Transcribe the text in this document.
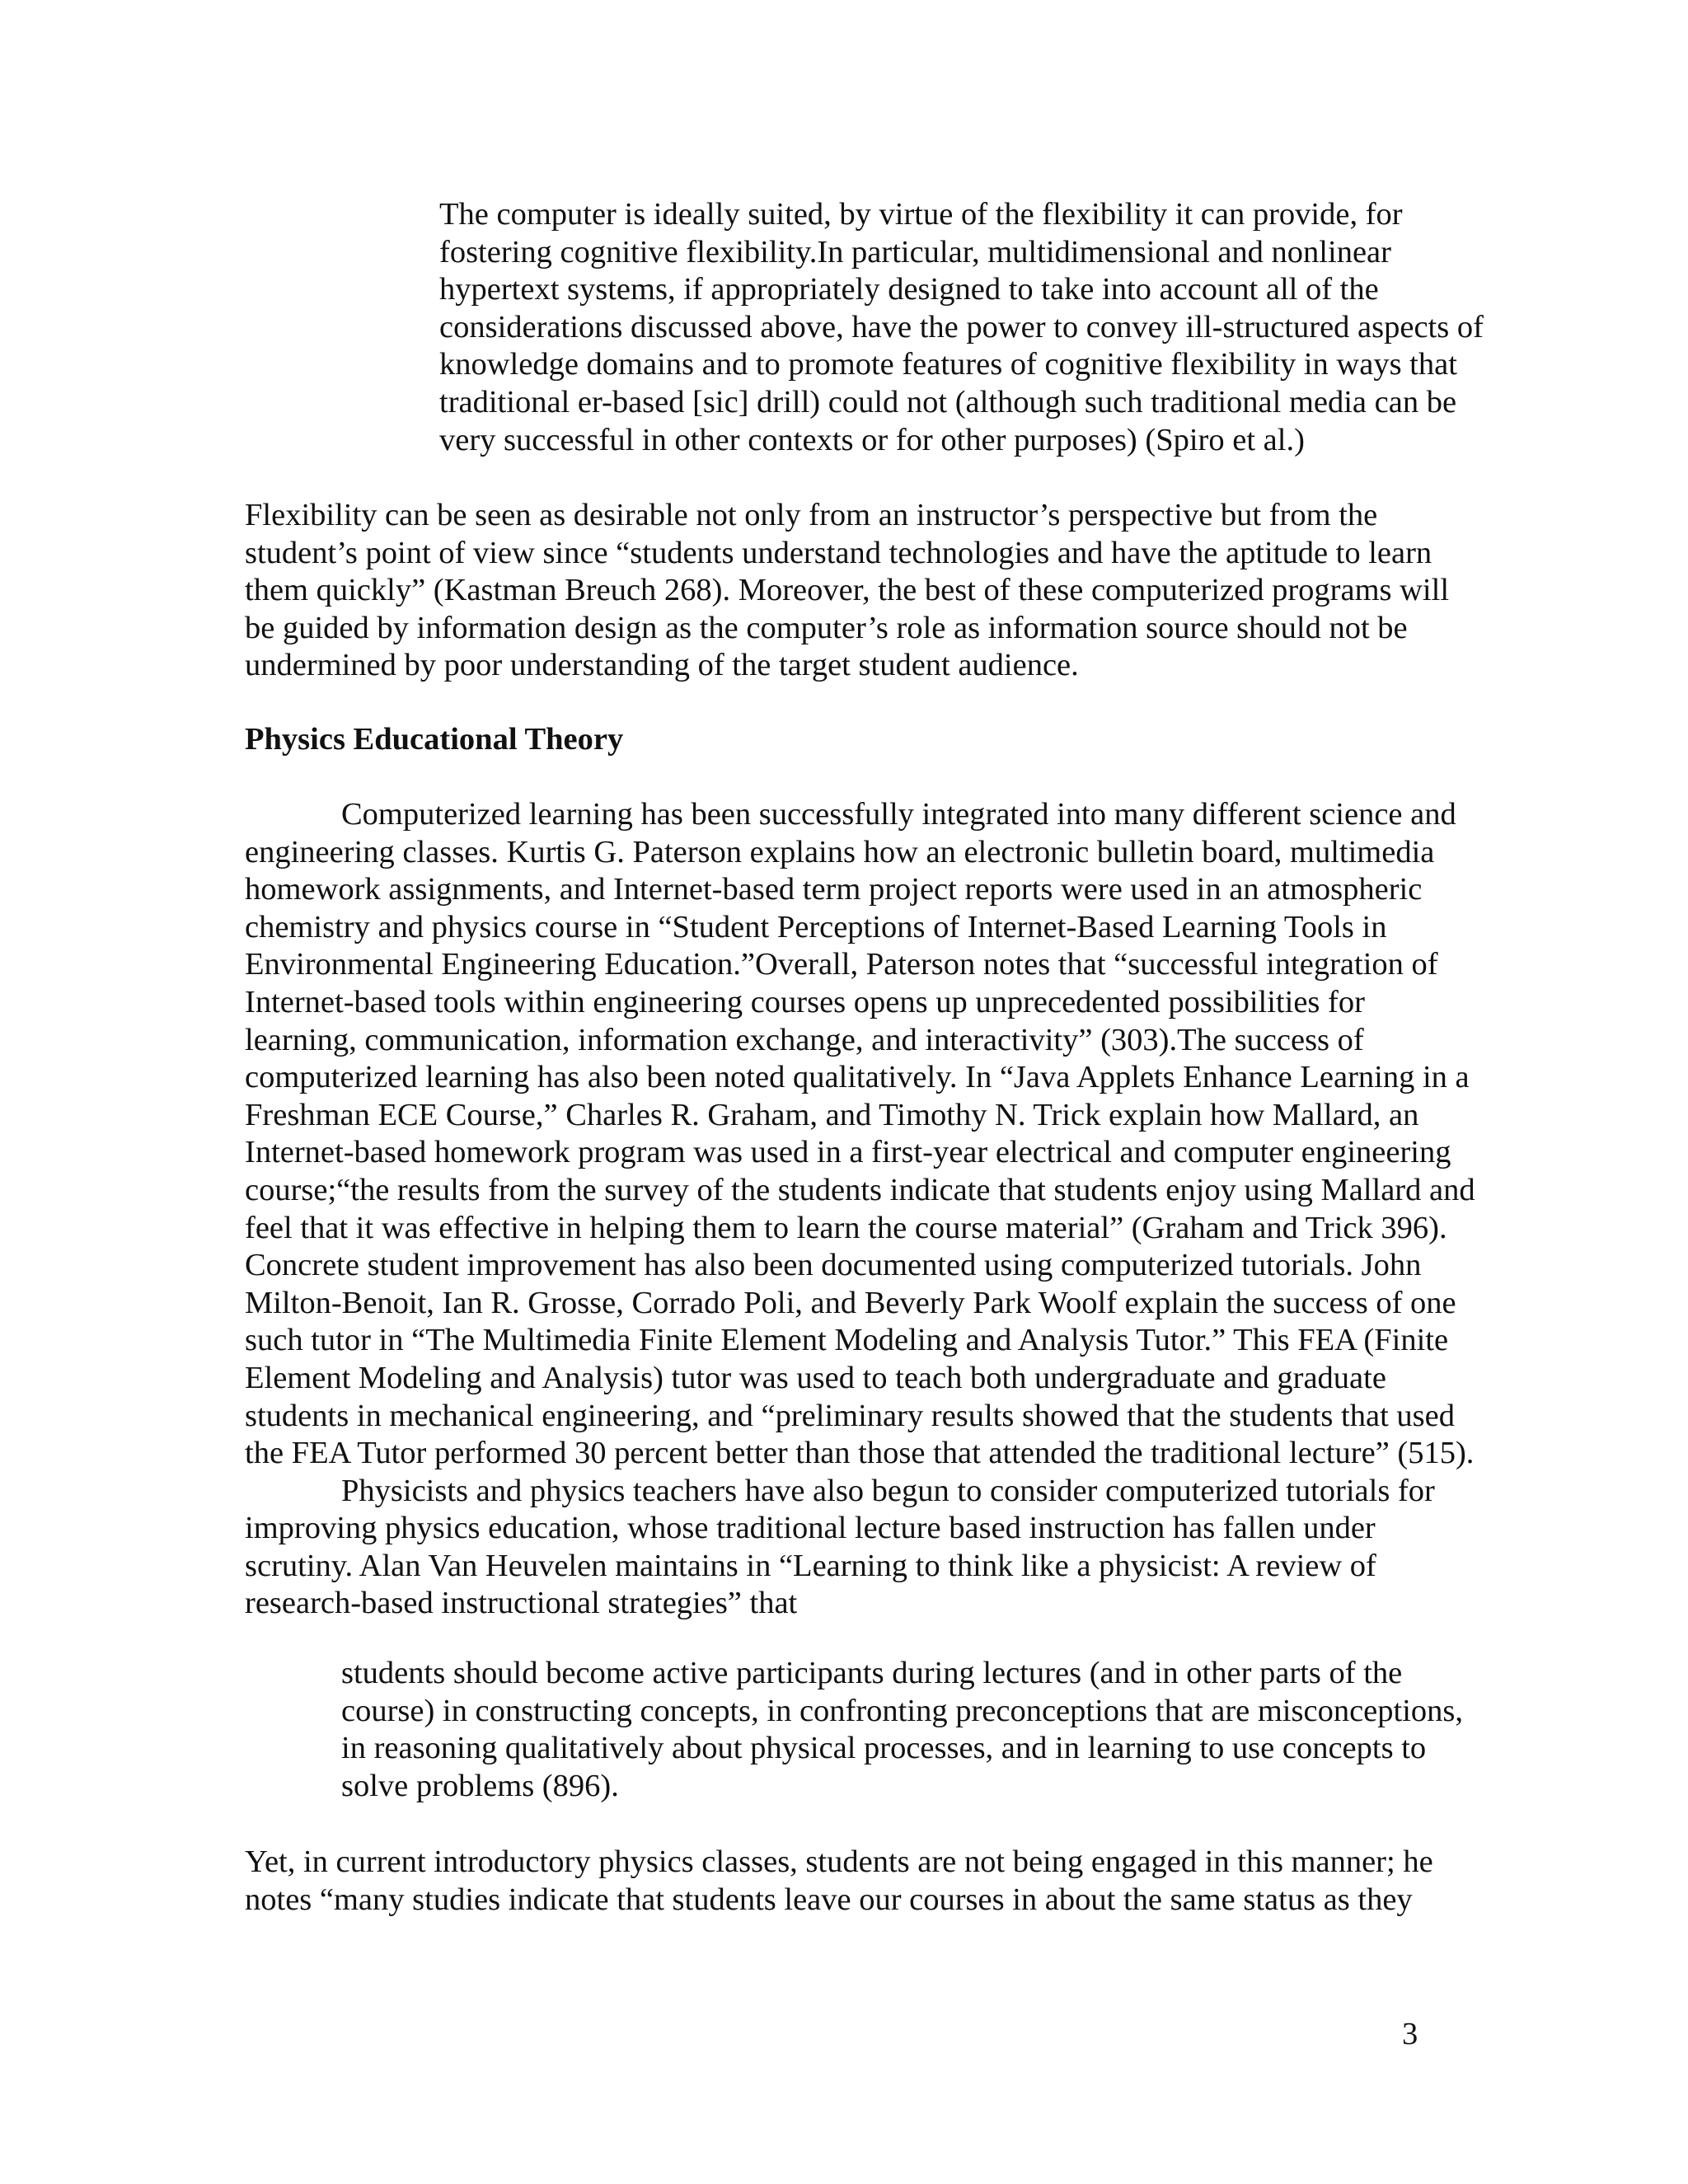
The computer is ideally suited, by virtue of the flexibility it can provide, for
fostering cognitive flexibility.In particular, multidimensional and nonlinear
hypertext systems, if appropriately designed to take into account all of the
considerations discussed above, have the power to convey ill-structured aspects of
knowledge domains and to promote features of cognitive flexibility in ways that
traditional er-based [sic] drill) could not (although such traditional media can be
very successful in other contexts or for other purposes) (Spiro et al.)
Flexibility can be seen as desirable not only from an instructor’s perspective but from the
student’s point of view since “students understand technologies and have the aptitude to learn
them quickly” (Kastman Breuch 268). Moreover, the best of these computerized programs will
be guided by information design as the computer’s role as information source should not be
undermined by poor understanding of the target student audience.
Physics Educational Theory
Computerized learning has been successfully integrated into many different science and
engineering classes. Kurtis G. Paterson explains how an electronic bulletin board, multimedia
homework assignments, and Internet-based term project reports were used in an atmospheric
chemistry and physics course in “Student Perceptions of Internet-Based Learning Tools in
Environmental Engineering Education.”Overall, Paterson notes that “successful integration of
Internet-based tools within engineering courses opens up unprecedented possibilities for
learning, communication, information exchange, and interactivity” (303).The success of
computerized learning has also been noted qualitatively. In “Java Applets Enhance Learning in a
Freshman ECE Course,” Charles R. Graham, and Timothy N. Trick explain how Mallard, an
Internet-based homework program was used in a first-year electrical and computer engineering
course;“the results from the survey of the students indicate that students enjoy using Mallard and
feel that it was effective in helping them to learn the course material” (Graham and Trick 396).
Concrete student improvement has also been documented using computerized tutorials. John
Milton-Benoit, Ian R. Grosse, Corrado Poli, and Beverly Park Woolf explain the success of one
such tutor in “The Multimedia Finite Element Modeling and Analysis Tutor.” This FEA (Finite
Element Modeling and Analysis) tutor was used to teach both undergraduate and graduate
students in mechanical engineering, and “preliminary results showed that the students that used
the FEA Tutor performed 30 percent better than those that attended the traditional lecture” (515).
Physicists and physics teachers have also begun to consider computerized tutorials for
improving physics education, whose traditional lecture based instruction has fallen under
scrutiny. Alan Van Heuvelen maintains in “Learning to think like a physicist: A review of
research-based instructional strategies” that
students should become active participants during lectures (and in other parts of the
course) in constructing concepts, in confronting preconceptions that are misconceptions,
in reasoning qualitatively about physical processes, and in learning to use concepts to
solve problems (896).
Yet, in current introductory physics classes, students are not being engaged in this manner; he
notes “many studies indicate that students leave our courses in about the same status as they
3
